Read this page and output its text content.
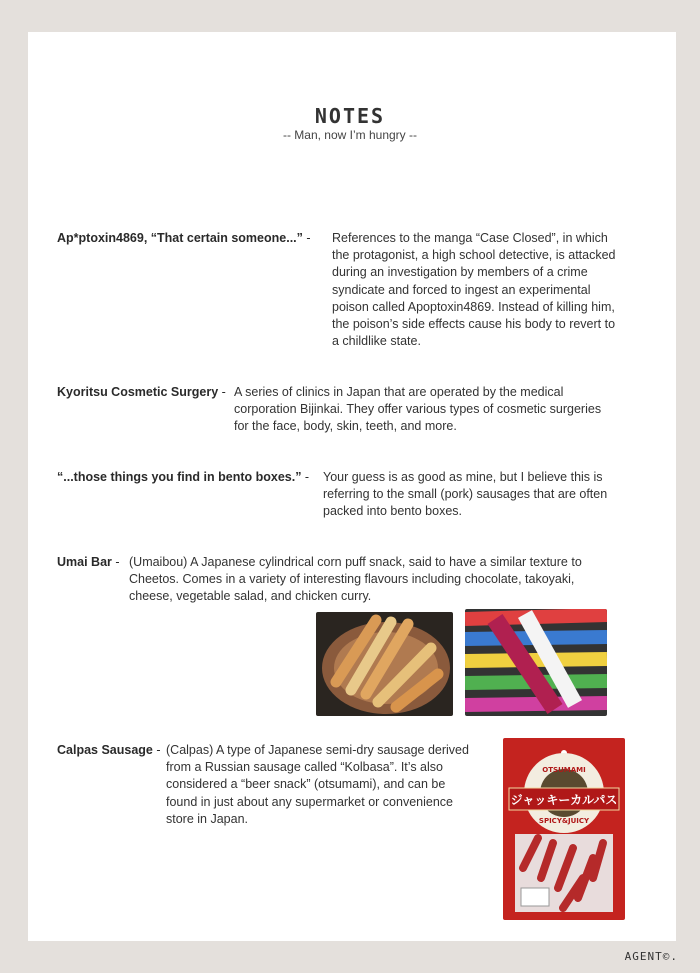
NOTES
-- Man, now I’m hungry --
Ap*ptoxin4869, “That certain someone...” - References to the manga “Case Closed”, in which
the protagonist, a high school detective, is attacked
during an investigation by members of a crime
syndicate and forced to ingest an experimental
poison called Apoptoxin4869. Instead of killing him,
the poison’s side effects cause his body to revert to
a childlike state.
Kyoritsu Cosmetic Surgery - A series of clinics in Japan that are operated by the medical
corporation Bijinkai. They offer various types of cosmetic surgeries
for the face, body, skin, teeth, and more.
“...those things you find in bento boxes.” - Your guess is as good as mine, but I believe this is
referring to the small (pork) sausages that are often
packed into bento boxes.
Umai Bar - (Umaibou) A Japanese cylindrical corn puff snack, said to have a similar texture to
Cheetos. Comes in a variety of interesting flavours including chocolate, takoyaki,
cheese, vegetable salad, and chicken curry.
Calpas Sausage - (Calpas) A type of Japanese semi-dry sausage derived
from a Russian sausage called “Kolbasa”. It’s also
considered a “beer snack” (otsumami), and can be
found in just about any supermarket or convenience
store in Japan.
ジャッキーカルパス
OTSUMAMI
SPICY&JUICY
AGENT©.
